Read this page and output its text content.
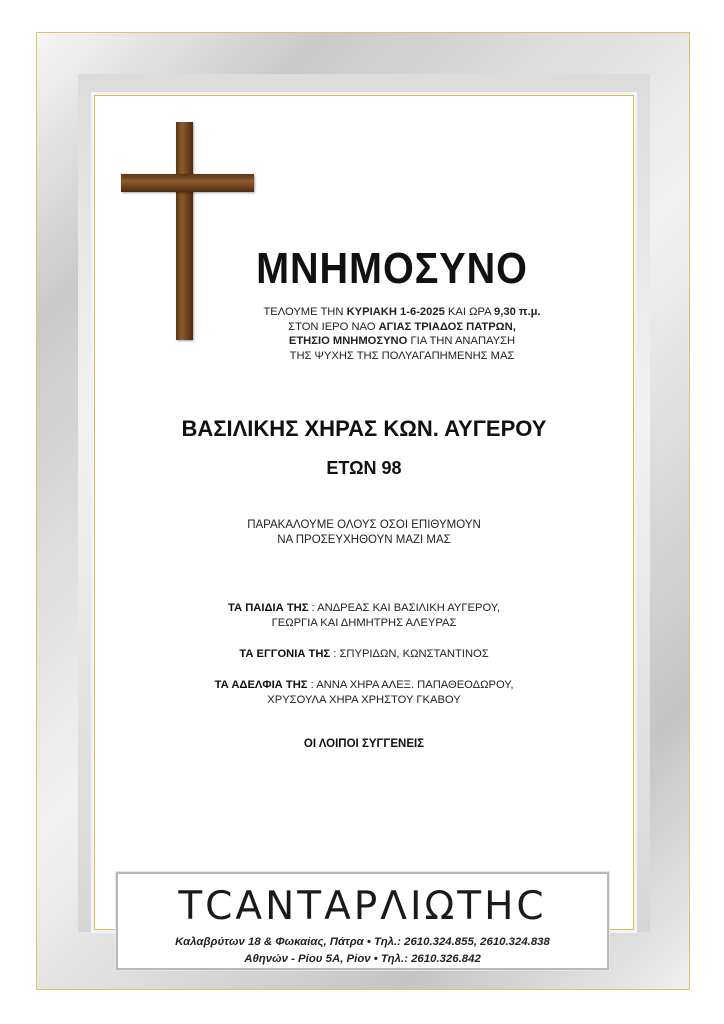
ΜΝΗΜΟΣΥΝΟ
ΤΕΛΟΥΜΕ ΤΗΝ ΚΥΡΙΑΚΗ 1-6-2025 ΚΑΙ ΩΡΑ 9,30 π.μ.
ΣΤΟΝ ΙΕΡΟ ΝΑΟ ΑΓΙΑΣ ΤΡΙΑΔΟΣ ΠΑΤΡΩΝ,
ΕΤΗΣΙΟ ΜΝΗΜΟΣΥΝΟ ΓΙΑ ΤΗΝ ΑΝΑΠΑΥΣΗ
ΤΗΣ ΨΥΧΗΣ ΤΗΣ ΠΟΛΥΑΓΑΠΗΜΕΝΗΣ ΜΑΣ
ΒΑΣΙΛΙΚΗΣ ΧΗΡΑΣ ΚΩΝ. ΑΥΓΕΡΟΥ
ΕΤΩΝ 98
ΠΑΡΑΚΑΛΟΥΜΕ ΟΛΟΥΣ ΟΣΟΙ ΕΠΙΘΥΜΟΥΝ
ΝΑ ΠΡΟΣΕΥΧΗΘΟΥΝ ΜΑΖΙ ΜΑΣ
ΤΑ ΠΑΙΔΙΑ ΤΗΣ : ΑΝΔΡΕΑΣ ΚΑΙ ΒΑΣΙΛΙΚΗ ΑΥΓΕΡΟΥ,
ΓΕΩΡΓΙΑ ΚΑΙ ΔΗΜΗΤΡΗΣ ΑΛΕΥΡΑΣ
ΤΑ ΕΓΓΟΝΙΑ ΤΗΣ : ΣΠΥΡΙΔΩΝ, ΚΩΝΣΤΑΝΤΙΝΟΣ
ΤΑ ΑΔΕΛΦΙΑ ΤΗΣ : ΑΝΝΑ ΧΗΡΑ ΑΛΕΞ. ΠΑΠΑΘΕΟΔΩΡΟΥ,
ΧΡΥΣΟΥΛΑ ΧΗΡΑ ΧΡΗΣΤΟΥ ΓΚΑΒΟΥ
ΟΙ ΛΟΙΠΟΙ ΣΥΓΓΕΝΕΙΣ
ΤCΑΝΤΑΡΛΙΩΤΗC
Καλαβρύτων 18 & Φωκαίας, Πάτρα • Τηλ.: 2610.324.855, 2610.324.838
Αθηνών - Ρίου 5Α, Ρίον • Τηλ.: 2610.326.842
